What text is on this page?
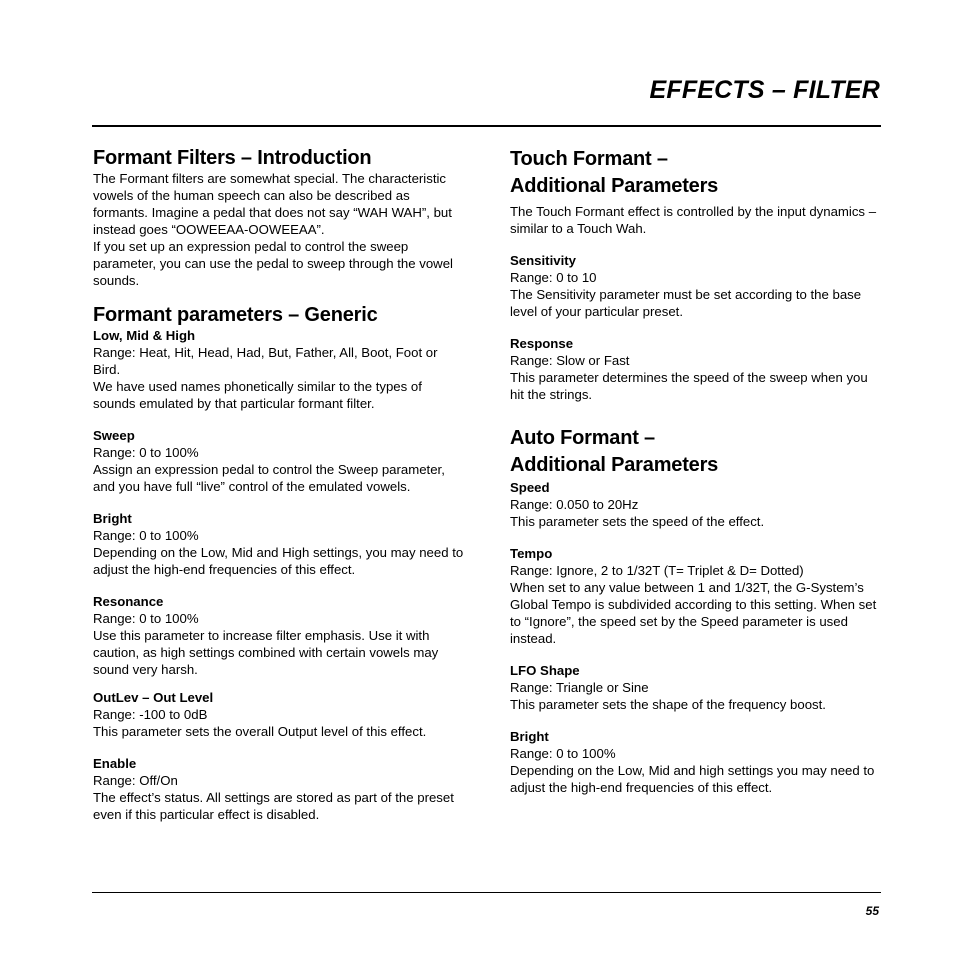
EFFECTS – FILTER
Formant Filters – Introduction

The Formant filters are somewhat special. The characteristic vowels of the human speech can also be described as formants. Imagine a pedal that does not say “WAH WAH”, but instead goes “OOWEEAA-OOWEEAA”.

If you set up an expression pedal to control the sweep parameter, you can use the pedal to sweep through the vowel sounds.

Formant parameters – Generic

Low, Mid & High

Range: Heat, Hit, Head, Had, But, Father, All, Boot, Foot or Bird.

We have used names phonetically similar to the types of sounds emulated by that particular formant filter.

Sweep

Range: 0 to 100%

Assign an expression pedal to control the Sweep parameter, and you have full “live” control of the emulated vowels.

Bright

Range: 0 to 100%

Depending on the Low, Mid and High settings, you may need to adjust the high-end frequencies of this effect.

Resonance

Range: 0 to 100%

Use this parameter to increase filter emphasis. Use it with caution, as high settings combined with certain vowels may sound very harsh.

OutLev – Out Level

Range: -100 to 0dB

This parameter sets the overall Output level of this effect.

Enable

Range: Off/On

The effect’s status. All settings are stored as part of the preset even if this particular effect is disabled.

Touch Formant –
Additional Parameters

The Touch Formant effect is controlled by the input dynamics – similar to a Touch Wah.

Sensitivity

Range: 0 to 10

The Sensitivity parameter must be set according to the base level of your particular preset.

Response

Range: Slow or Fast

This parameter determines the speed of the sweep when you hit the strings.

Auto Formant –
Additional Parameters

Speed

Range: 0.050 to 20Hz

This parameter sets the speed of the effect.

Tempo

Range: Ignore, 2 to 1/32T (T= Triplet & D= Dotted)

When set to any value between 1 and 1/32T, the G-System’s Global Tempo is subdivided according to this setting. When set to “Ignore”, the speed set by the Speed parameter is used instead.

LFO Shape

Range: Triangle or Sine

This parameter sets the shape of the frequency boost.

Bright

Range: 0 to 100%

Depending on the Low, Mid and high settings you may need to adjust the high-end frequencies of this effect.

55
